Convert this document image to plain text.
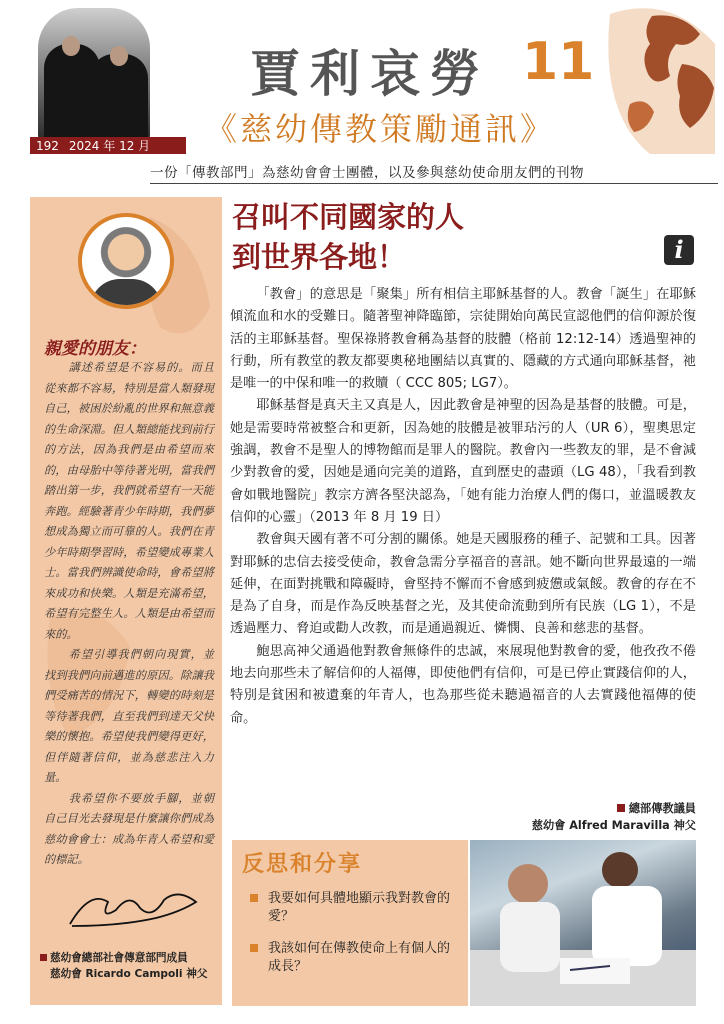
192 2024 年 12 月
賈利哀勞 11
《慈幼傳教策勵通訊》
一份「傳教部門」為慈幼會會士團體，以及參與慈幼使命朋友們的刊物
親愛的朋友：

講述希望是不容易的。而且從來都不容易，特別是當人類發現自己，被困於紛亂的世界和無意義的生命深淵。但人類總能找到前行的方法，因為我們是由希望而來的，由母胎中等待著光明，當我們踏出第一步，我們就希望有一天能奔跑。經驗著青少年時期，我們夢想成為獨立而可靠的人。我們在青少年時期學習時，希望變成專業人士。當我們辨識使命時，會希望將來成功和快樂。人類是充滿希望，希望有完整生人。人類是由希望而來的。

希望引導我們朝向現實，並找到我們向前邁進的原因。除讓我們受痛苦的情況下，轉變的時刻是等待著我們，直至我們到達天父快樂的懷抱。希望使我們變得更好，但伴隨著信仰，並為慈悲注入力量。

我希望你不要放手腳，並朝自己目光去發現是什麼讓你們成為慈幼會會士：成為年青人希望和愛的標記。

慈幼會總部社會傳意部門成員
慈幼會 Ricardo Campoli 神父
召叫不同國家的人
到世界各地！	i

「教會」的意思是「聚集」所有相信主耶穌基督的人。教會「誕生」在耶穌傾流血和水的受難日。隨著聖神降臨節，宗徒開始向萬民宣認他們的信仰源於復活的主耶穌基督。聖保祿將教會稱為基督的肢體（格前 12:12-14）透過聖神的行動，所有教堂的教友都要奧秘地團結以真實的、隱藏的方式通向耶穌基督，祂是唯一的中保和唯一的救贖（ CCC 805; LG7）。

耶穌基督是真天主又真是人，因此教會是神聖的因為是基督的肢體。可是，她是需要時常被整合和更新，因為她的肢體是被罪玷污的人（UR 6），聖奧思定強調，教會不是聖人的博物館而是罪人的醫院。教會內一些教友的罪，是不會減少對教會的愛，因她是通向完美的道路，直到歷史的盡頭（LG 48），「我看到教會如戰地醫院」教宗方濟各堅決認為，「她有能力治療人們的傷口，並溫暖教友信仰的心靈」（2013 年 8 月 19 日）

教會與天國有著不可分割的關係。她是天國服務的種子、記號和工具。因著對耶穌的忠信去接受使命，教會急需分享福音的喜訊。她不斷向世界最遠的一端延伸，在面對挑戰和障礙時，會堅持不懈而不會感到疲憊或氣餒。教會的存在不是為了自身，而是作為反映基督之光，及其使命流動到所有民族（LG 1），不是透過壓力、脅迫或勸人改教，而是通過親近、憐憫、良善和慈悲的基督。

鮑思高神父通過他對教會無條件的忠誠，來展現他對教會的愛，他孜孜不倦地去向那些未了解信仰的人福傳，即使他們有信仰，可是已停止實踐信仰的人，特別是貧困和被遺棄的年青人，也為那些從未聽過福音的人去實踐他福傳的使命。

總部傳教議員
慈幼會 Alfred Maravilla 神父
反思和分享
我要如何具體地顯示我對教會的愛？
我該如何在傳教使命上有個人的成長？
